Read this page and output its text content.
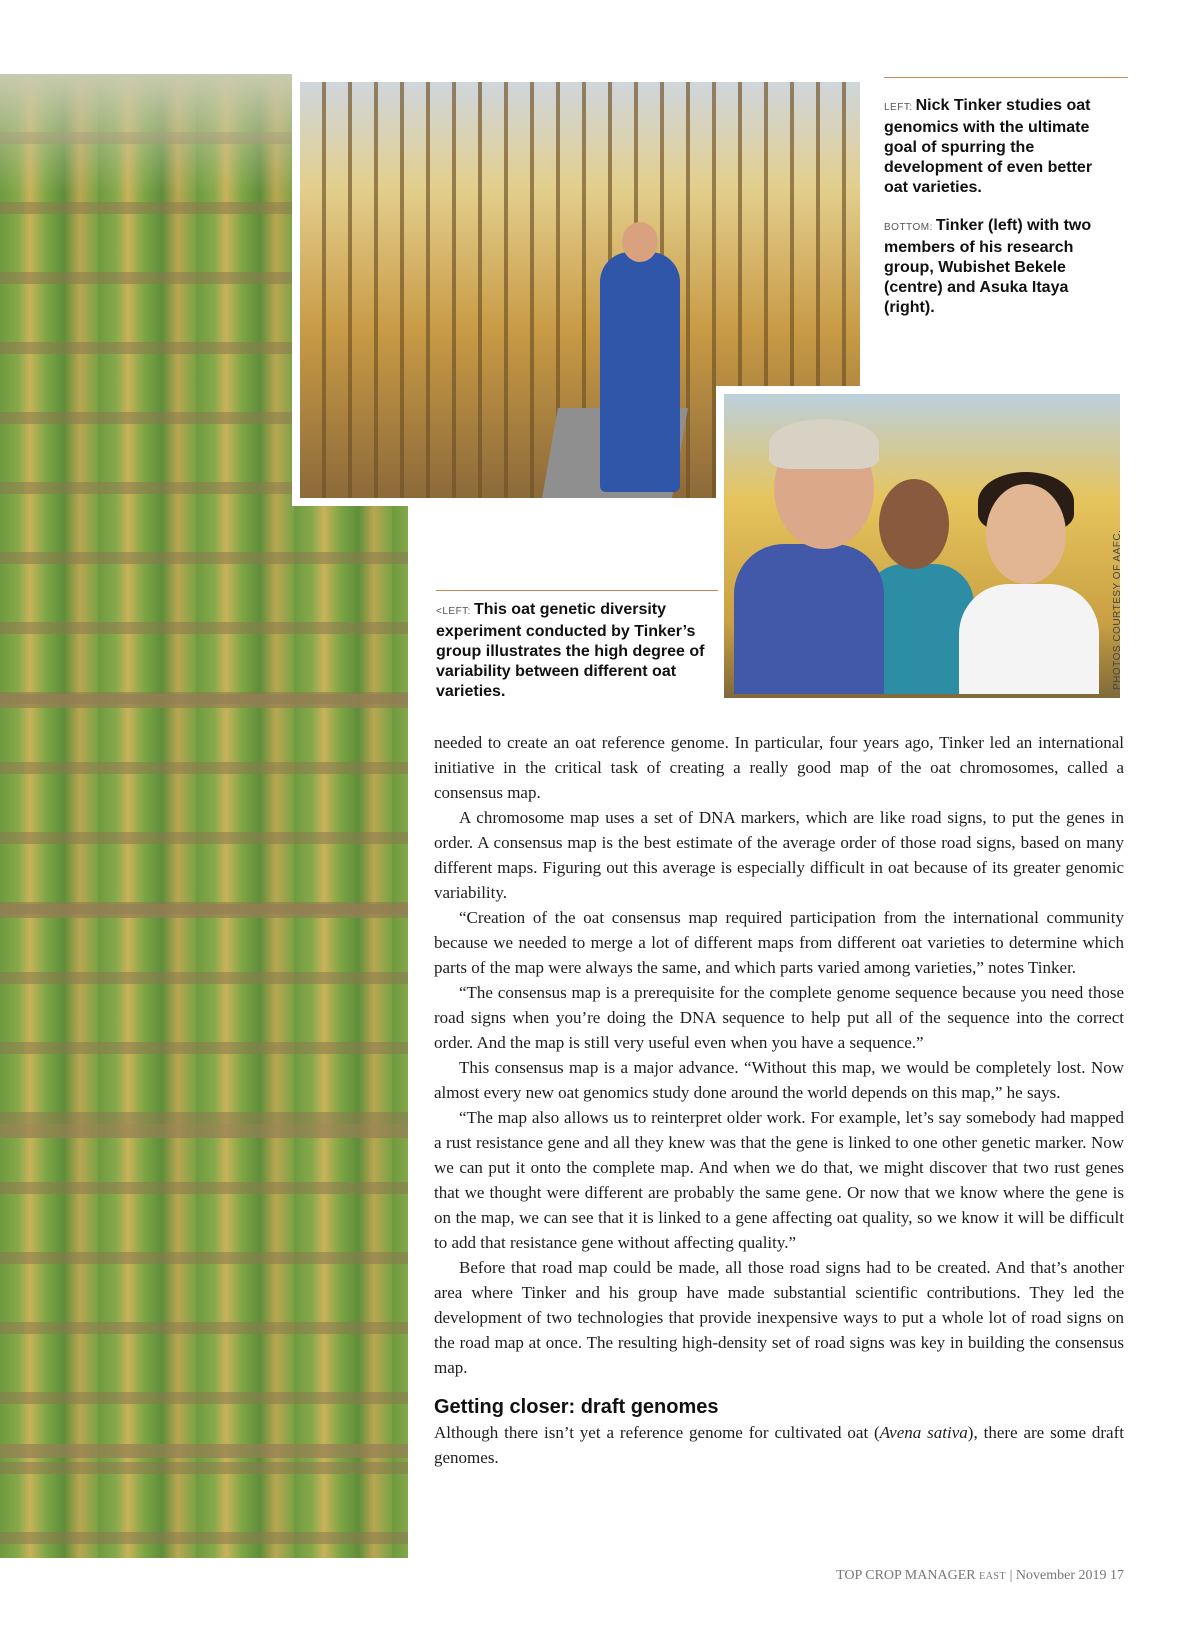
LEFT: Nick Tinker studies oat genomics with the ultimate goal of spurring the development of even better oat varieties.

BOTTOM: Tinker (left) with two members of his research group, Wubishet Bekele (centre) and Asuka Itaya (right).

PHOTOS COURTESY OF AAFC.
<LEFT: This oat genetic diversity experiment conducted by Tinker’s group illustrates the high degree of variability between different oat varieties.

needed to create an oat reference genome. In particular, four years ago, Tinker led an international initiative in the critical task of creating a really good map of the oat chromosomes, called a consensus map.

A chromosome map uses a set of DNA markers, which are like road signs, to put the genes in order. A consensus map is the best estimate of the average order of those road signs, based on many different maps. Figuring out this average is especially difficult in oat because of its greater genomic variability.

“Creation of the oat consensus map required participation from the international community because we needed to merge a lot of different maps from different oat varieties to determine which parts of the map were always the same, and which parts varied among varieties,” notes Tinker.

“The consensus map is a prerequisite for the complete genome sequence because you need those road signs when you’re doing the DNA sequence to help put all of the sequence into the correct order. And the map is still very useful even when you have a sequence.”

This consensus map is a major advance. “Without this map, we would be completely lost. Now almost every new oat genomics study done around the world depends on this map,” he says.

“The map also allows us to reinterpret older work. For example, let’s say somebody had mapped a rust resistance gene and all they knew was that the gene is linked to one other genetic marker. Now we can put it onto the complete map. And when we do that, we might discover that two rust genes that we thought were different are probably the same gene. Or now that we know where the gene is on the map, we can see that it is linked to a gene affecting oat quality, so we know it will be difficult to add that resistance gene without affecting quality.”

Before that road map could be made, all those road signs had to be created. And that’s another area where Tinker and his group have made substantial scientific contributions. They led the development of two technologies that provide inexpensive ways to put a whole lot of road signs on the road map at once. The resulting high-density set of road signs was key in building the consensus map.

Getting closer: draft genomes

Although there isn’t yet a reference genome for cultivated oat (Avena sativa), there are some draft genomes.

TOP CROP MANAGER EAST | November 2019 17
